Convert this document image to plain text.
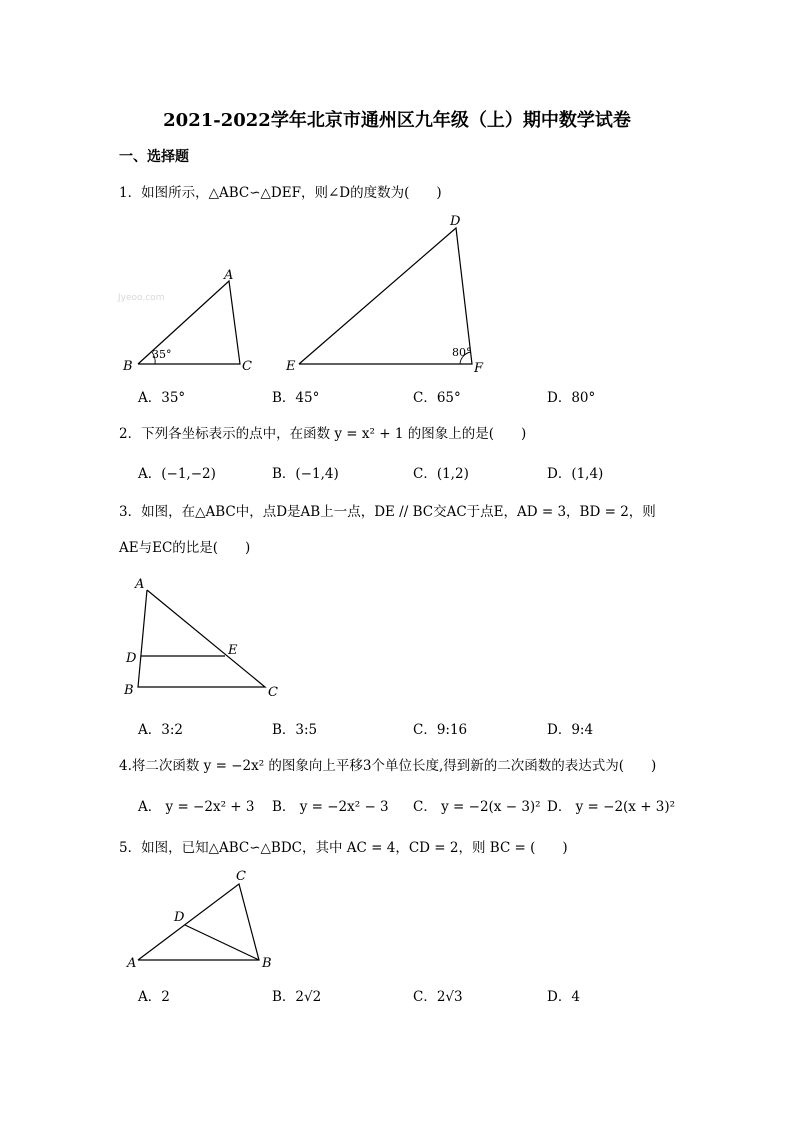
2021-2022学年北京市通州区九年级（上）期中数学试卷
一、选择题
1．如图所示，△ABC∽△DEF，则∠D的度数为(　　)
Jyeoo.com
A
B	C
35°
D
E	F
80°
A
B	C
D
E
C
D
A	B
A．35°	B．45°	C．65°	D．80°
2．下列各坐标表示的点中，在函数 y = x² + 1 的图象上的是(　　)
A．(−1,−2)	B．(−1,4)	C．(1,2)	D．(1,4)
3．如图，在△ABC中，点D是AB上一点，DE // BC交AC于点E，AD = 3，BD = 2，则
AE与EC的比是(　　)
A．3:2	B．3:5	C．9:16	D．9:4
4.将二次函数 y = −2x² 的图象向上平移3个单位长度,得到新的二次函数的表达式为(　　)
A． y = −2x² + 3 B． y = −2x² − 3 C． y = −2(x − 3)² D． y = −2(x + 3)²
5．如图，已知△ABC∽△BDC，其中 AC = 4，CD = 2，则 BC = (　　)
A．2	B．2√2	C．2√3	D．4
